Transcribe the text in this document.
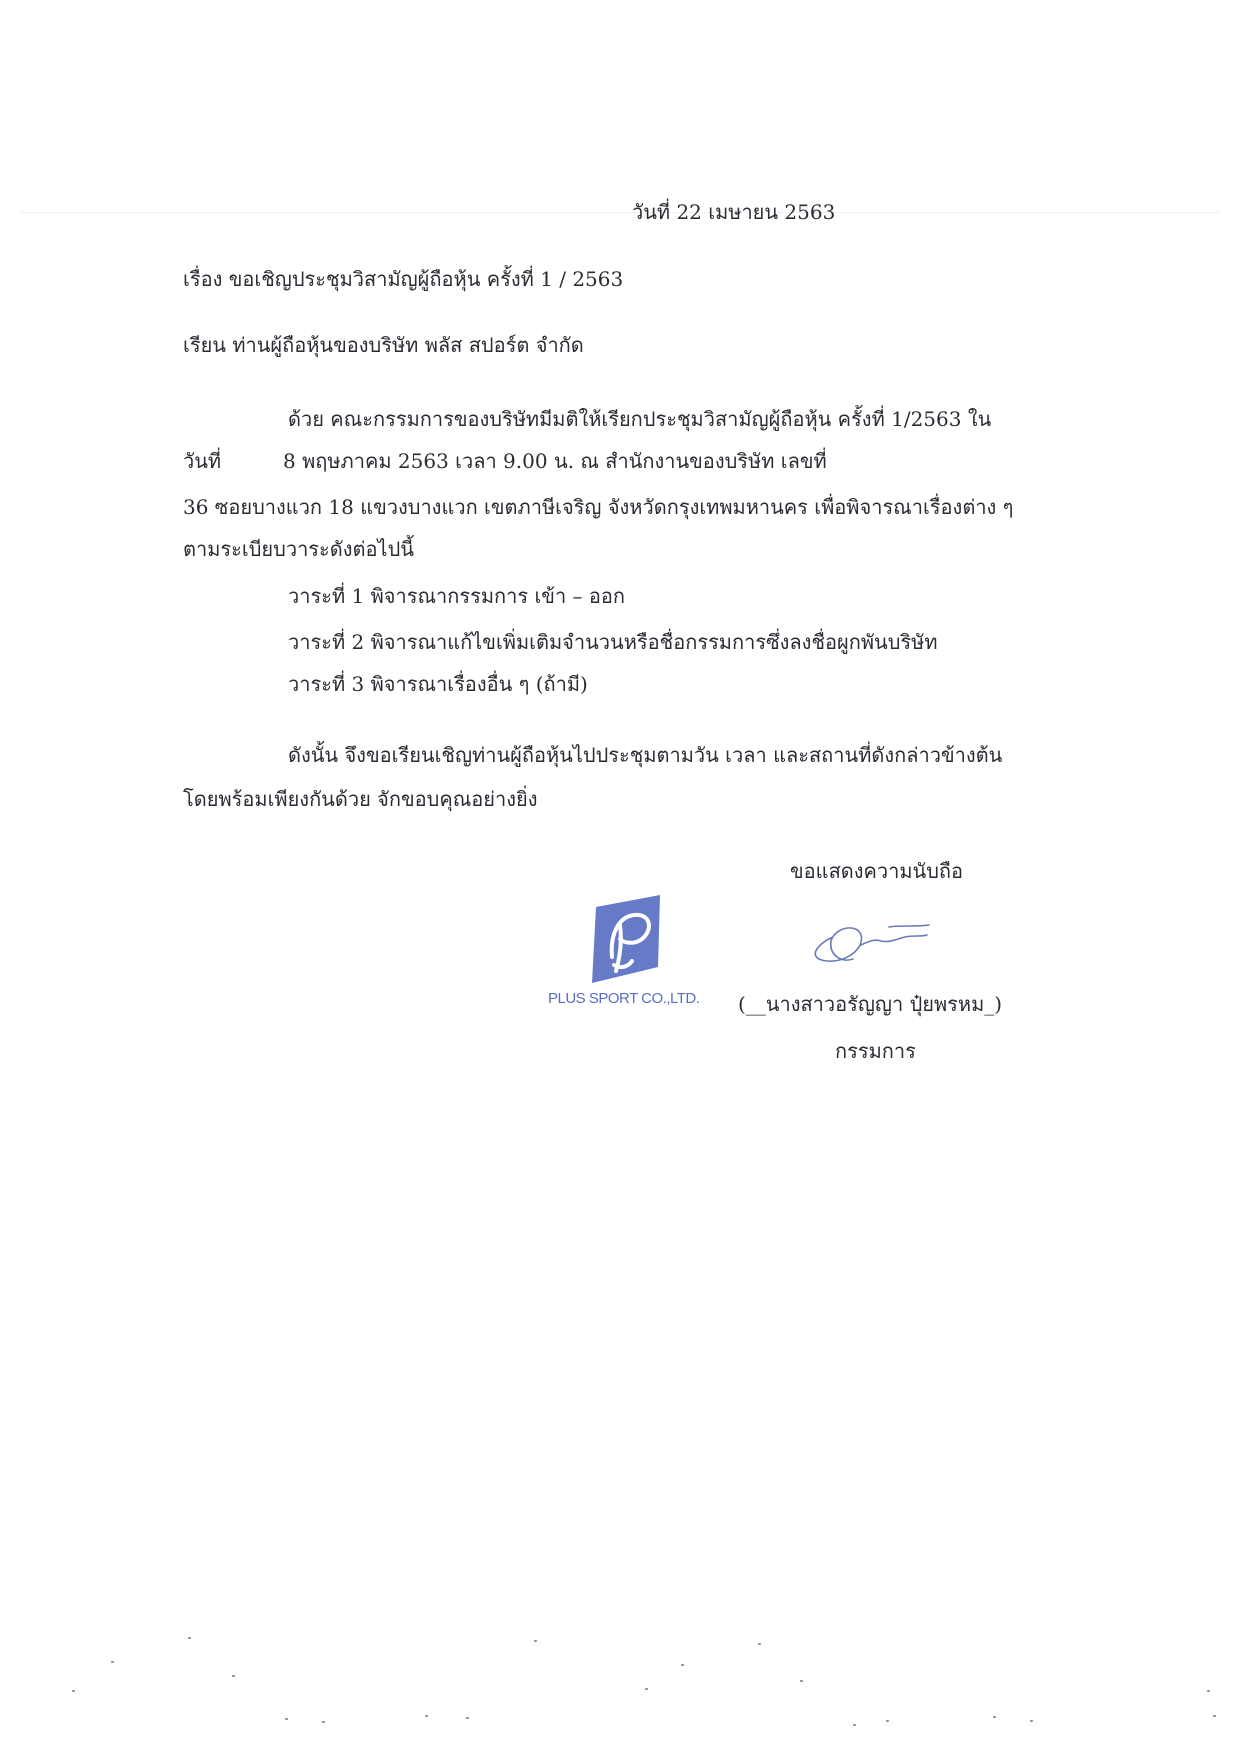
วันที่ 22 เมษายน 2563
เรื่อง ขอเชิญประชุมวิสามัญผู้ถือหุ้น ครั้งที่ 1 / 2563
เรียน ท่านผู้ถือหุ้นของบริษัท พลัส สปอร์ต จำกัด
ด้วย คณะกรรมการของบริษัทมีมติให้เรียกประชุมวิสามัญผู้ถือหุ้น ครั้งที่ 1/2563 ใน
วันที่	8 พฤษภาคม 2563 เวลา 9.00 น. ณ สำนักงานของบริษัท เลขที่
36 ซอยบางแวก 18 แขวงบางแวก เขตภาษีเจริญ จังหวัดกรุงเทพมหานคร เพื่อพิจารณาเรื่องต่าง ๆ
ตามระเบียบวาระดังต่อไปนี้
วาระที่ 1 พิจารณากรรมการ เข้า – ออก
วาระที่ 2 พิจารณาแก้ไขเพิ่มเติมจำนวนหรือชื่อกรรมการซึ่งลงชื่อผูกพันบริษัท
วาระที่ 3 พิจารณาเรื่องอื่น ๆ (ถ้ามี)
ดังนั้น จึงขอเรียนเชิญท่านผู้ถือหุ้นไปประชุมตามวัน เวลา และสถานที่ดังกล่าวข้างต้น
โดยพร้อมเพียงกันด้วย จักขอบคุณอย่างยิ่ง
ขอแสดงความนับถือ
PLUS SPORT CO.,LTD. (__นางสาวอรัญญา ปุ๋ยพรหม_)
กรรมการ
